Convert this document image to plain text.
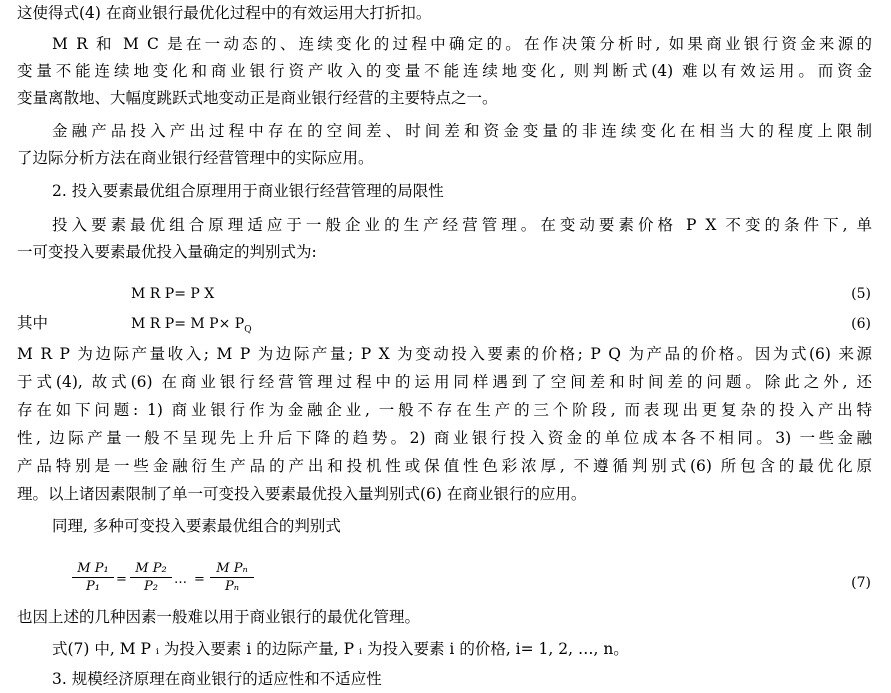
这使得式(4) 在商业银行最优化过程中的有效运用大打折扣。
M R 和 M C 是在一动态的、连续变化的过程中确定的。在作决策分析时, 如果商业银行资金来源的
变量不能连续地变化和商业银行资产收入的变量不能连续地变化, 则判断式(4) 难以有效运用。而资金
变量离散地、大幅度跳跃式地变动正是商业银行经营的主要特点之一。
金融产品投入产出过程中存在的空间差、时间差和资金变量的非连续变化在相当大的程度上限制
了边际分析方法在商业银行经营管理中的实际应用。
2. 投入要素最优组合原理用于商业银行经营管理的局限性
投入要素最优组合原理适应于一般企业的生产经营管理。在变动要素价格 P X 不变的条件下, 单
一可变投入要素最优投入量确定的判别式为:
M R P= P X	(5)
其中	M R P= M $P\times P_Q$	(6)
M R P 为边际产量收入; M P 为边际产量; P X 为变动投入要素的价格; P Q 为产品的价格。因为式(6) 来源
于式(4), 故式(6) 在商业银行经营管理过程中的运用同样遇到了空间差和时间差的问题。除此之外, 还
存在如下问题: 1) 商业银行作为金融企业, 一般不存在生产的三个阶段, 而表现出更复杂的投入产出特
性, 边际产量一般不呈现先上升后下降的趋势。2) 商业银行投入资金的单位成本各不相同。3) 一些金融
产品特别是一些金融衍生产品的产出和投机性或保值性色彩浓厚, 不遵循判别式(6) 所包含的最优化原
理。以上诸因素限制了单一可变投入要素最优投入量判别式(6) 在商业银行的应用。
同理, 多种可变投入要素最优组合的判别式
$\frac{\text{M P₁}}{\text{P₁}} = \frac{\text{M P₂}}{\text{P₂}}$ … = $\frac{\text{M Pₙ}}{\text{Pₙ}}$	(7)
也因上述的几种因素一般难以用于商业银行的最优化管理。
式(7) 中, M P ᵢ 为投入要素 i 的边际产量, P ᵢ 为投入要素 i 的价格, i= 1, 2, …, n。
3. 规模经济原理在商业银行的适应性和不适应性
